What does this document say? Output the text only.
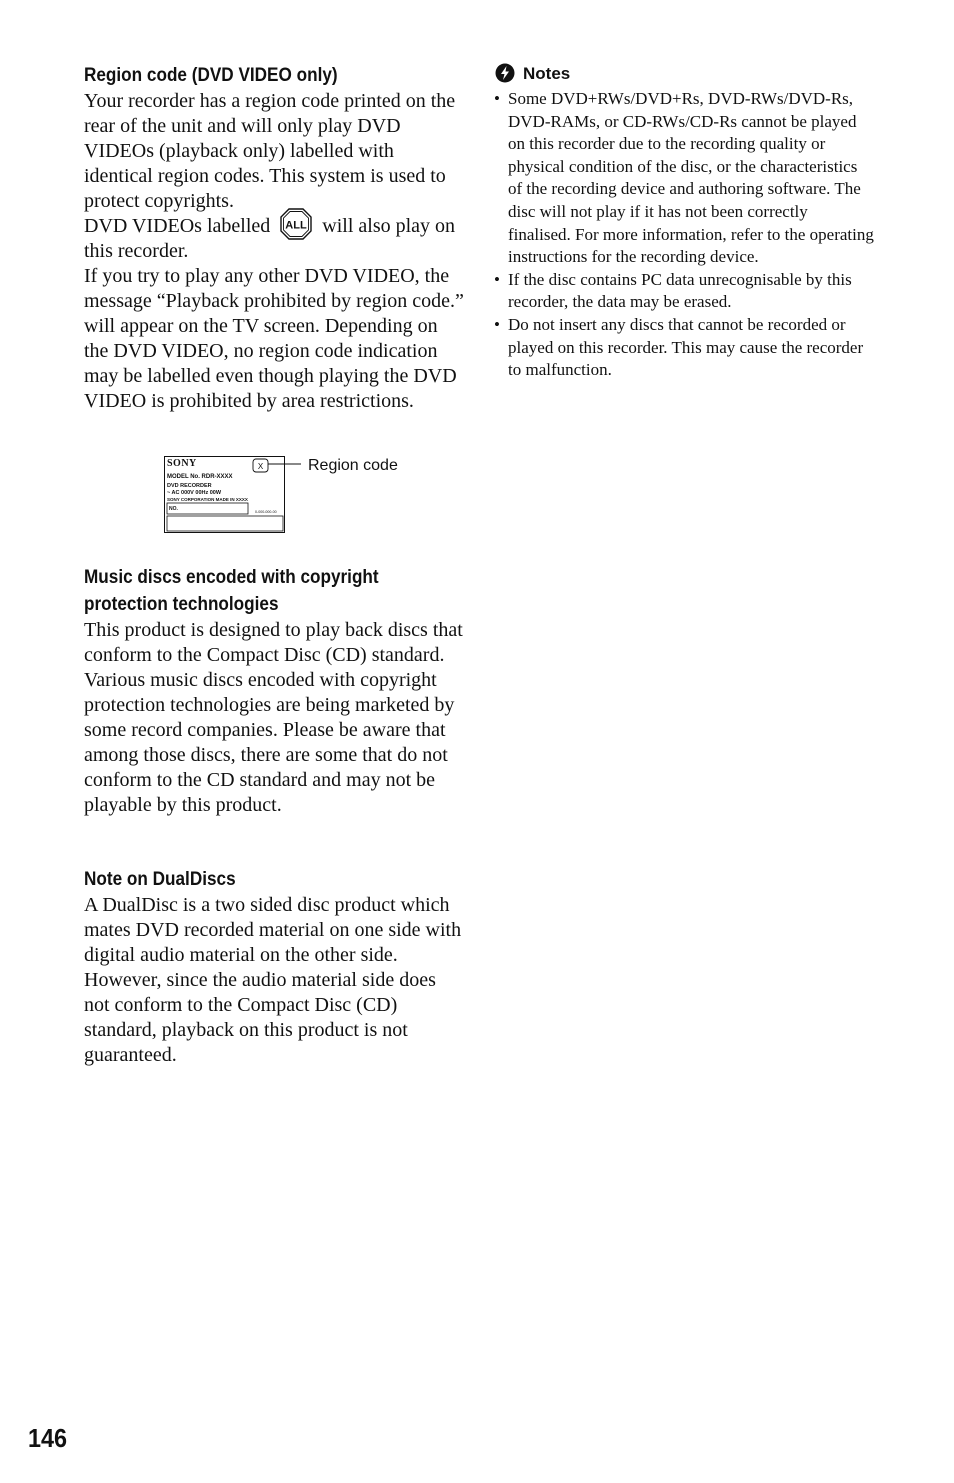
Region code (DVD VIDEO only)

Your recorder has a region code printed on the rear of the unit and will only play DVD VIDEOs (playback only) labelled with identical region codes. This system is used to protect copyrights.

DVD VIDEOs labelled ALL will also play on this recorder.

If you try to play any other DVD VIDEO, the message “Playback prohibited by region code.” will appear on the TV screen. Depending on the DVD VIDEO, no region code indication may be labelled even though playing the DVD VIDEO is prohibited by area restrictions.

Music discs encoded with copyright
protection technologies

This product is designed to play back discs that conform to the Compact Disc (CD) standard.

Various music discs encoded with copyright protection technologies are being marketed by some record companies. Please be aware that among those discs, there are some that do not conform to the CD standard and may not be playable by this product.

Note on DualDiscs

A DualDisc is a two sided disc product which mates DVD recorded material on one side with digital audio material on the other side.

However, since the audio material side does not conform to the Compact Disc (CD) standard, playback on this product is not guaranteed.

SONY
MODEL No. RDR-XXXX
DVD RECORDER
~ AC 000V 00Hz 00W
SONY CORPORATION MADE IN XXXX
NO.	0-000-000-00
X	Region code
Notes
• Some DVD+RWs/DVD+Rs, DVD-RWs/DVD-Rs, DVD-RAMs, or CD-RWs/CD-Rs cannot be played on this recorder due to the recording quality or physical condition of the disc, or the characteristics of the recording device and authoring software. The disc will not play if it has not been correctly finalised. For more information, refer to the operating instructions for the recording device.
• If the disc contains PC data unrecognisable by this recorder, the data may be erased.
• Do not insert any discs that cannot be recorded or played on this recorder. This may cause the recorder to malfunction.
146
